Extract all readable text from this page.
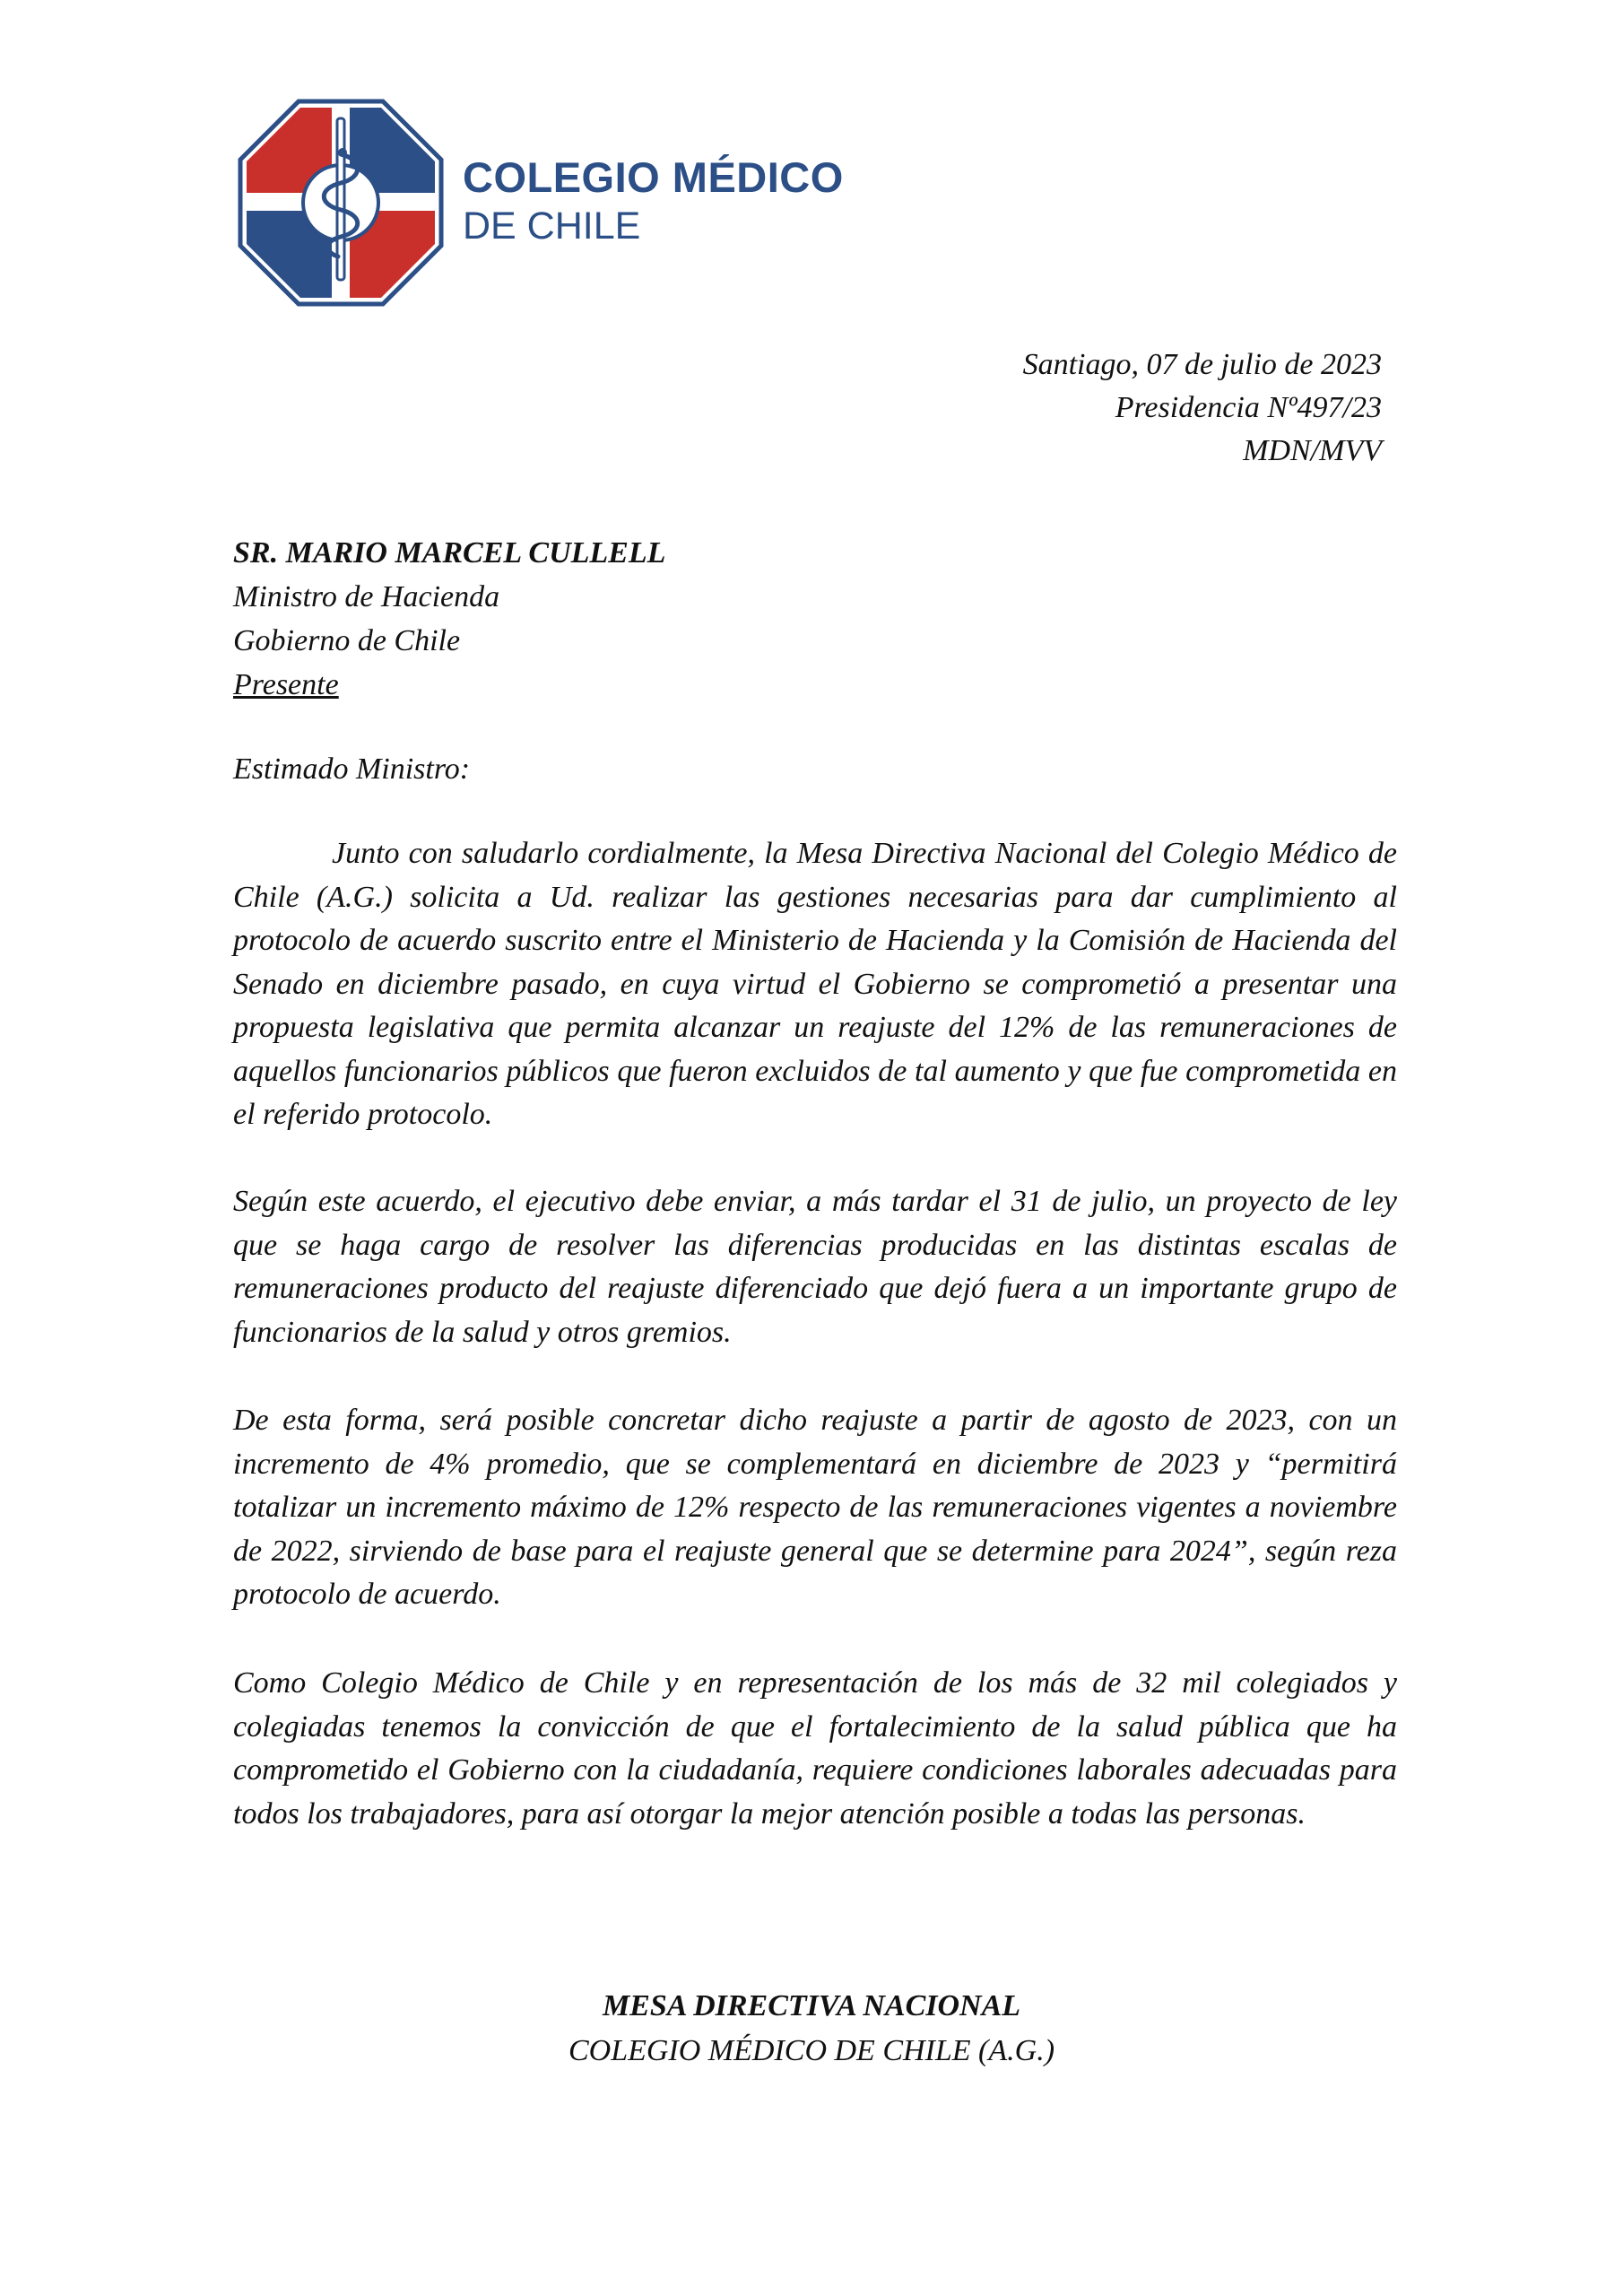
COLEGIO MÉDICO
DE CHILE
Santiago, 07 de julio de 2023
Presidencia Nº497/23
MDN/MVV
SR. MARIO MARCEL CULLELL
Ministro de Hacienda
Gobierno de Chile
Presente
Estimado Ministro:
Junto con saludarlo cordialmente, la Mesa Directiva Nacional del Colegio Médico de Chile (A.G.) solicita a Ud. realizar las gestiones necesarias para dar cumplimiento al protocolo de acuerdo suscrito entre el Ministerio de Hacienda y la Comisión de Hacienda del Senado en diciembre pasado, en cuya virtud el Gobierno se comprometió a presentar una propuesta legislativa que permita alcanzar un reajuste del 12% de las remuneraciones de aquellos funcionarios públicos que fueron excluidos de tal aumento y que fue comprometida en el referido protocolo.
Según este acuerdo, el ejecutivo debe enviar, a más tardar el 31 de julio, un proyecto de ley que se haga cargo de resolver las diferencias producidas en las distintas escalas de remuneraciones producto del reajuste diferenciado que dejó fuera a un importante grupo de funcionarios de la salud y otros gremios.
De esta forma, será posible concretar dicho reajuste a partir de agosto de 2023, con un incremento de 4% promedio, que se complementará en diciembre de 2023 y “permitirá totalizar un incremento máximo de 12% respecto de las remuneraciones vigentes a noviembre de 2022, sirviendo de base para el reajuste general que se determine para 2024”, según reza protocolo de acuerdo.
Como Colegio Médico de Chile y en representación de los más de 32 mil colegiados y colegiadas tenemos la convicción de que el fortalecimiento de la salud pública que ha comprometido el Gobierno con la ciudadanía, requiere condiciones laborales adecuadas para todos los trabajadores, para así otorgar la mejor atención posible a todas las personas.
MESA DIRECTIVA NACIONAL
COLEGIO MÉDICO DE CHILE (A.G.)
